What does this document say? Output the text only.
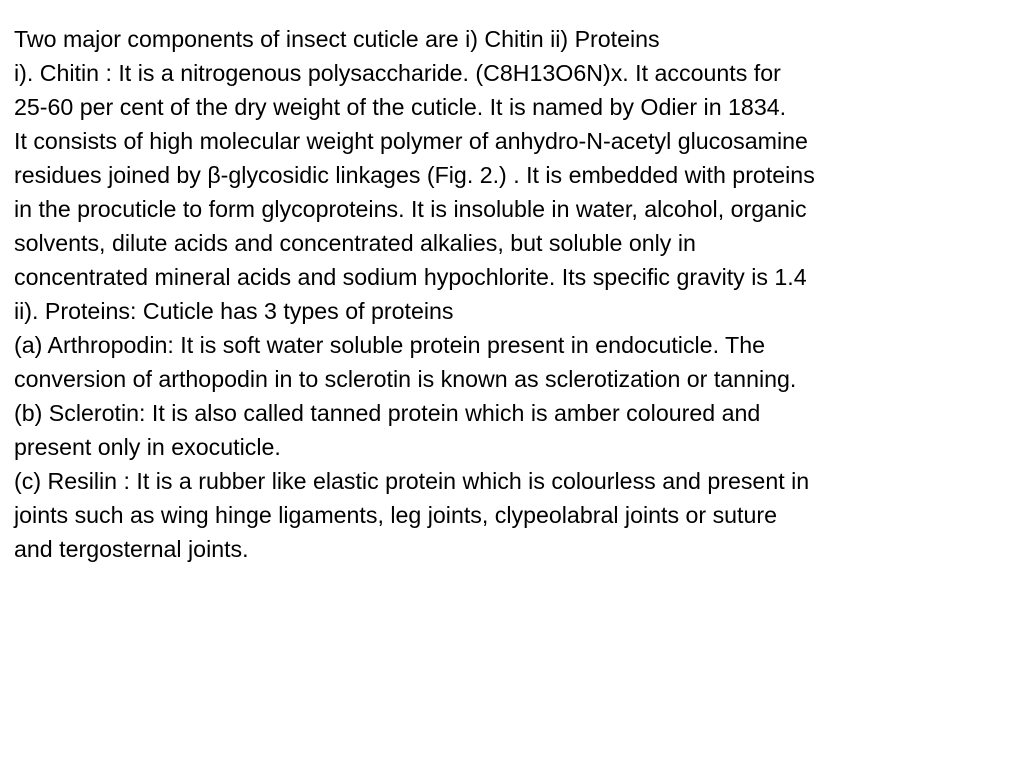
Two major components of insect cuticle are i) Chitin ii) Proteins
i). Chitin : It is a nitrogenous polysaccharide. (C8H13O6N)x. It accounts for
25-60 per cent of the dry weight of the cuticle. It is named by Odier in 1834.
It consists of high molecular weight polymer of anhydro-N-acetyl glucosamine
residues joined by β-glycosidic linkages (Fig. 2.) . It is embedded with proteins
in the procuticle to form glycoproteins. It is insoluble in water, alcohol, organic
solvents, dilute acids and concentrated alkalies, but soluble only in
concentrated mineral acids and sodium hypochlorite. Its specific gravity is 1.4
ii). Proteins: Cuticle has 3 types of proteins
(a) Arthropodin: It is soft water soluble protein present in endocuticle. The
conversion of arthopodin in to sclerotin is known as sclerotization or tanning.
(b) Sclerotin: It is also called tanned protein which is amber coloured and
present only in exocuticle.
(c) Resilin : It is a rubber like elastic protein which is colourless and present in
joints such as wing hinge ligaments, leg joints, clypeolabral joints or suture
and tergosternal joints.
